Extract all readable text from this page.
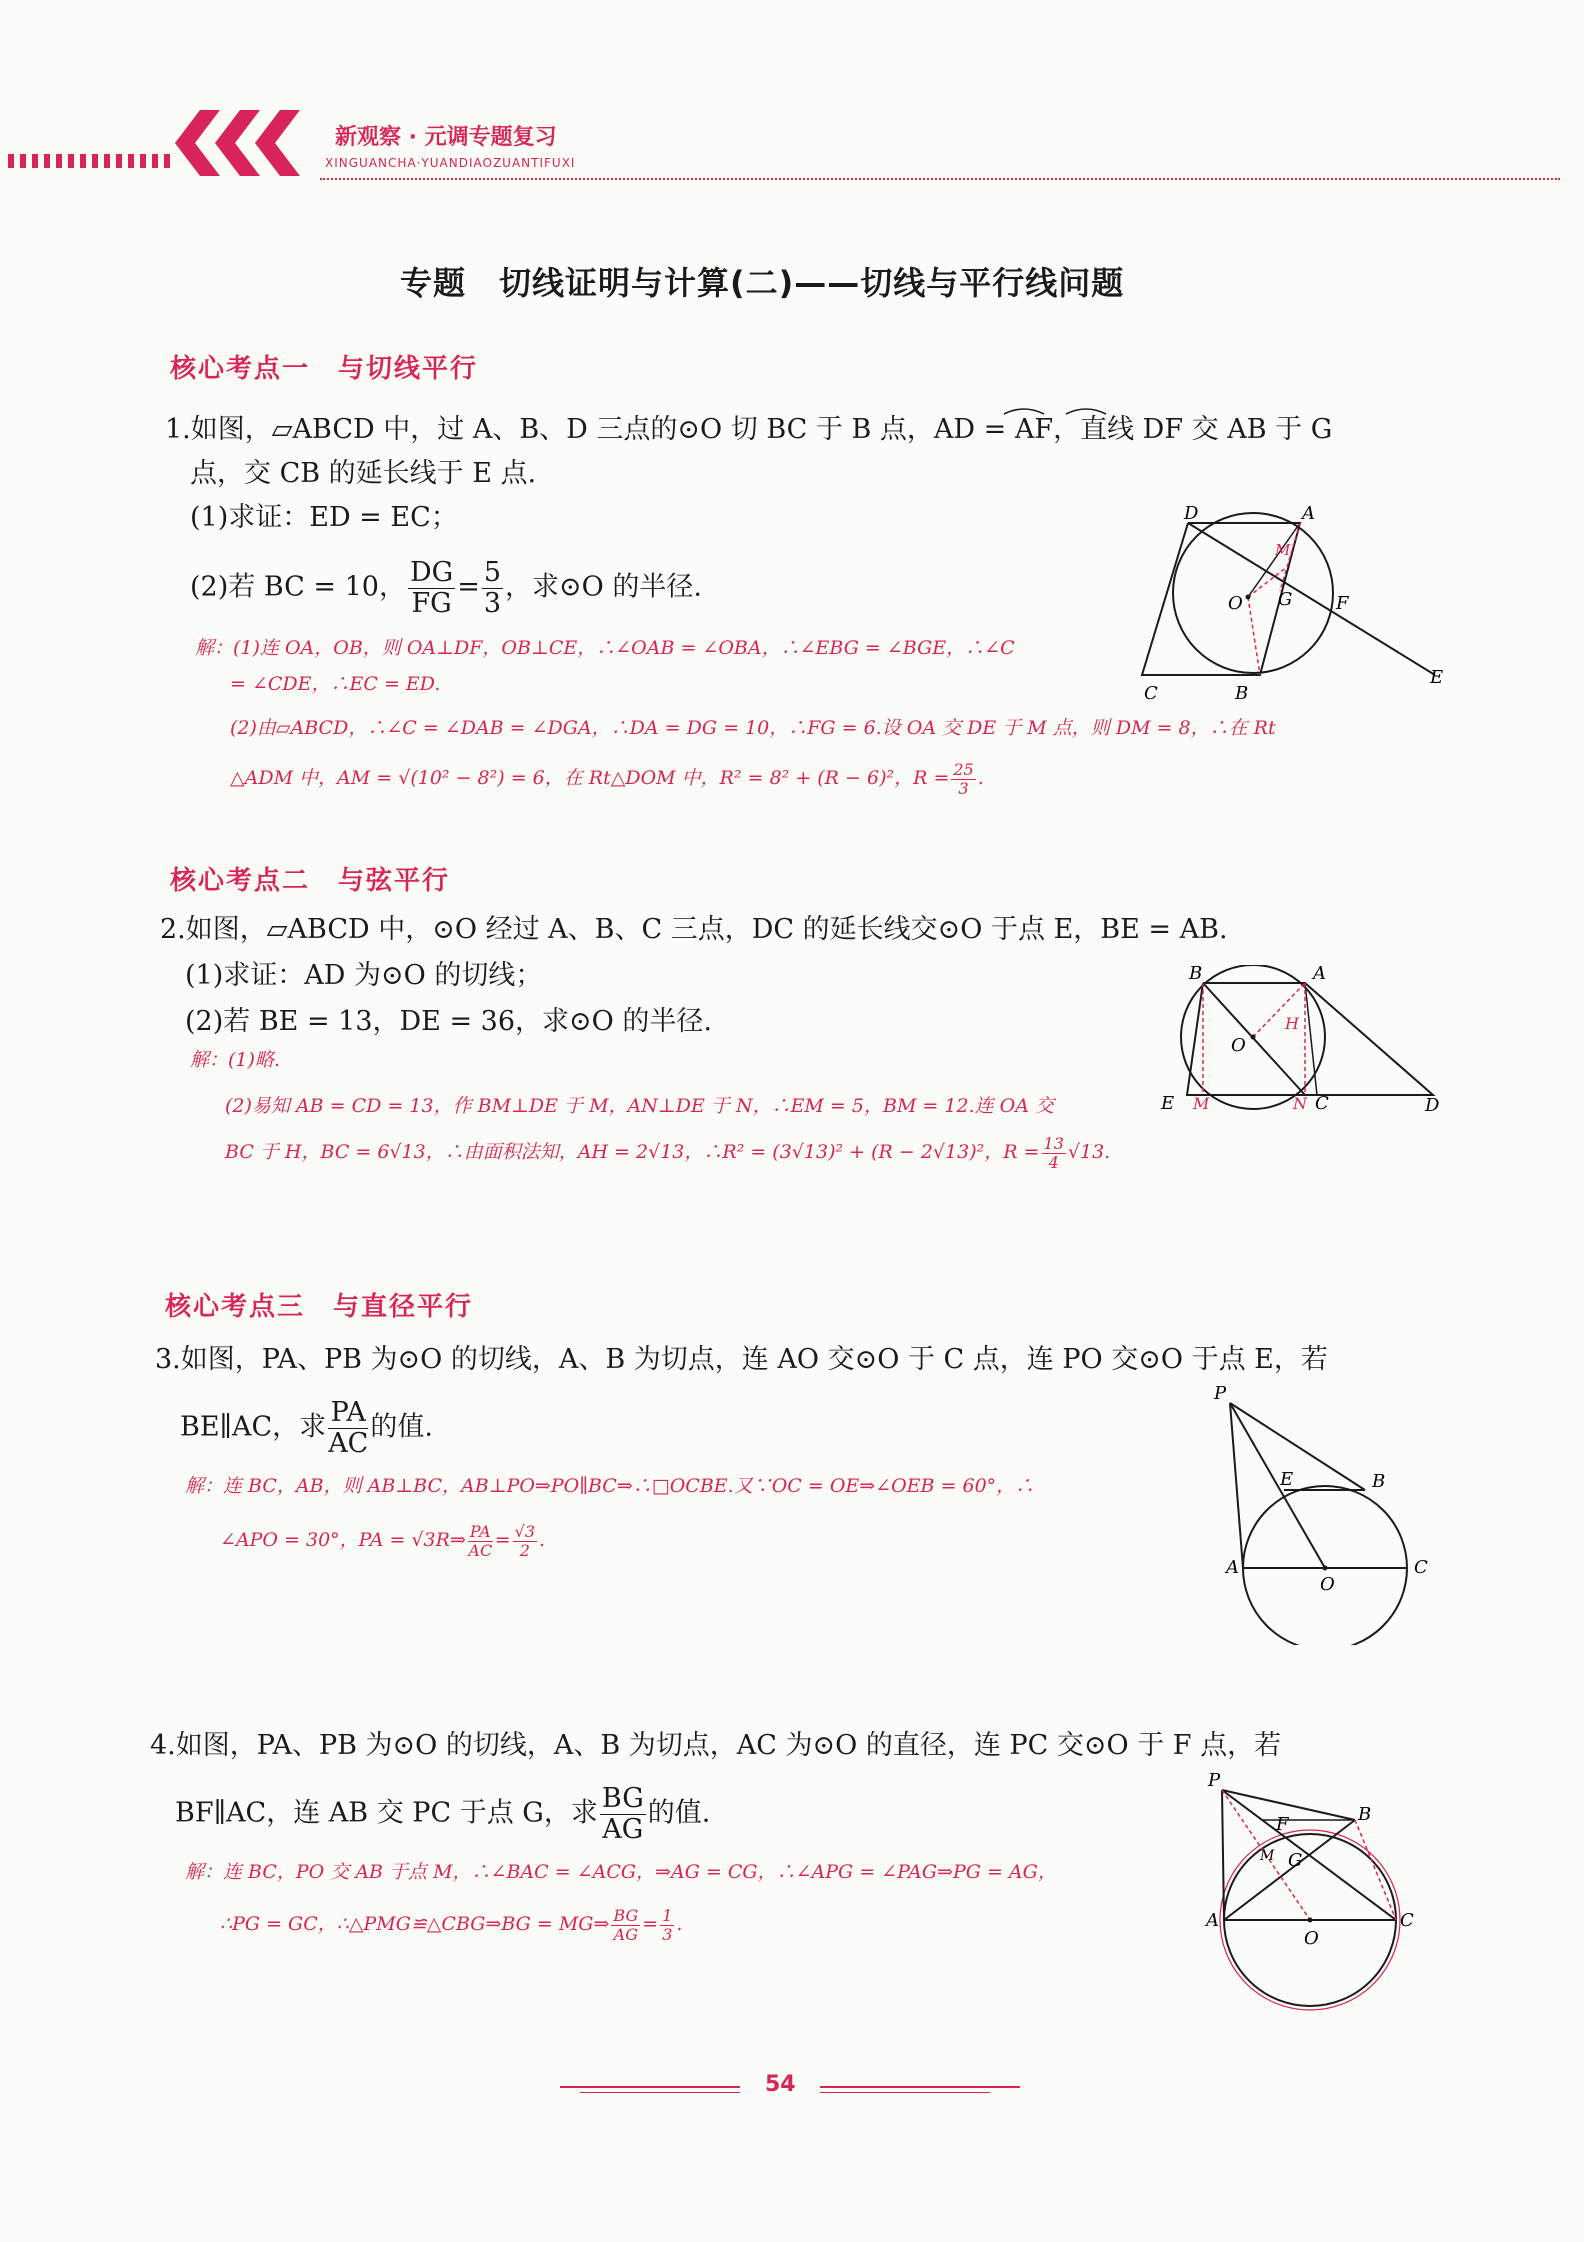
新观察 · 元调专题复习
XINGUANCHA·YUANDIAOZUANTIFUXI
专题　切线证明与计算(二)——切线与平行线问题
核心考点一　与切线平行
1.如图，▱ABCD 中，过 A、B、D 三点的⊙O 切 BC 于 B 点，AD = AF，直线 DF 交 AB 于 G
点，交 CB 的延长线于 E 点.
(1)求证：ED = EC；
(2)若 BC = 10， $\frac{DG}{FG} = \frac{5}{3}$ ，求⊙O 的半径.
解：(1)连 OA，OB，则 OA⊥DF，OB⊥CE，∴∠OAB = ∠OBA，∴∠EBG = ∠BGE，∴∠C
= ∠CDE，∴EC = ED.
(2)由▱ABCD，∴∠C = ∠DAB = ∠DGA，∴DA = DG = 10，∴FG = 6.设 OA 交 DE 于 M 点，则 DM = 8，∴在 Rt
△ADM 中，AM = √(10² − 8²) = 6，在 Rt△DOM 中，R² = 8² + (R − 6)²，$R = \frac{25}{3}$ .
D	A
M
O G F
C	B
E
核心考点二　与弦平行
2.如图，▱ABCD 中，⊙O 经过 A、B、C 三点，DC 的延长线交⊙O 于点 E，BE = AB.
(1)求证：AD 为⊙O 的切线；
(2)若 BE = 13，DE = 36，求⊙O 的半径.
解：(1)略.
(2)易知 AB = CD = 13，作 BM⊥DE 于 M，AN⊥DE 于 N，∴EM = 5，BM = 12.连 OA 交
BC 于 H，BC = 6√13，∴由面积法知，AH = 2√13，∴R² = (3√13)² + (R − 2√13)²，$R = \frac{13}{4} √13$.
B	A
H
O
E M	N C	D
核心考点三　与直径平行
3.如图，PA、PB 为⊙O 的切线，A、B 为切点，连 AO 交⊙O 于 C 点，连 PO 交⊙O 于点 E，若
BE∥AC，求 $\frac{PA}{AC}$ 的值.
解：连 BC，AB，则 AB⊥BC，AB⊥PO⇒PO∥BC⇒∴□OCBE.又∵OC = OE⇒∠OEB = 60°，∴
∠APO = 30°，PA = √3R⇒ $\frac{PA}{AC} = \frac{√3}{2}$ .
P
E	B
A
O
C
4.如图，PA、PB 为⊙O 的切线，A、B 为切点，AC 为⊙O 的直径，连 PC 交⊙O 于 F 点，若
BF∥AC，连 AB 交 PC 于点 G，求 $\frac{BG}{AG}$ 的值.
解：连 BC，PO 交 AB 于点 M，∴∠BAC = ∠ACG，⇒AG = CG，∴∠APG = ∠PAG⇒PG = AG，
∴PG = GC，∴△PMG≌△CBG⇒BG = MG⇒ $\frac{BG}{AG} = \frac{1}{3}$ .
P
B
F
M G
A
O
C
54
